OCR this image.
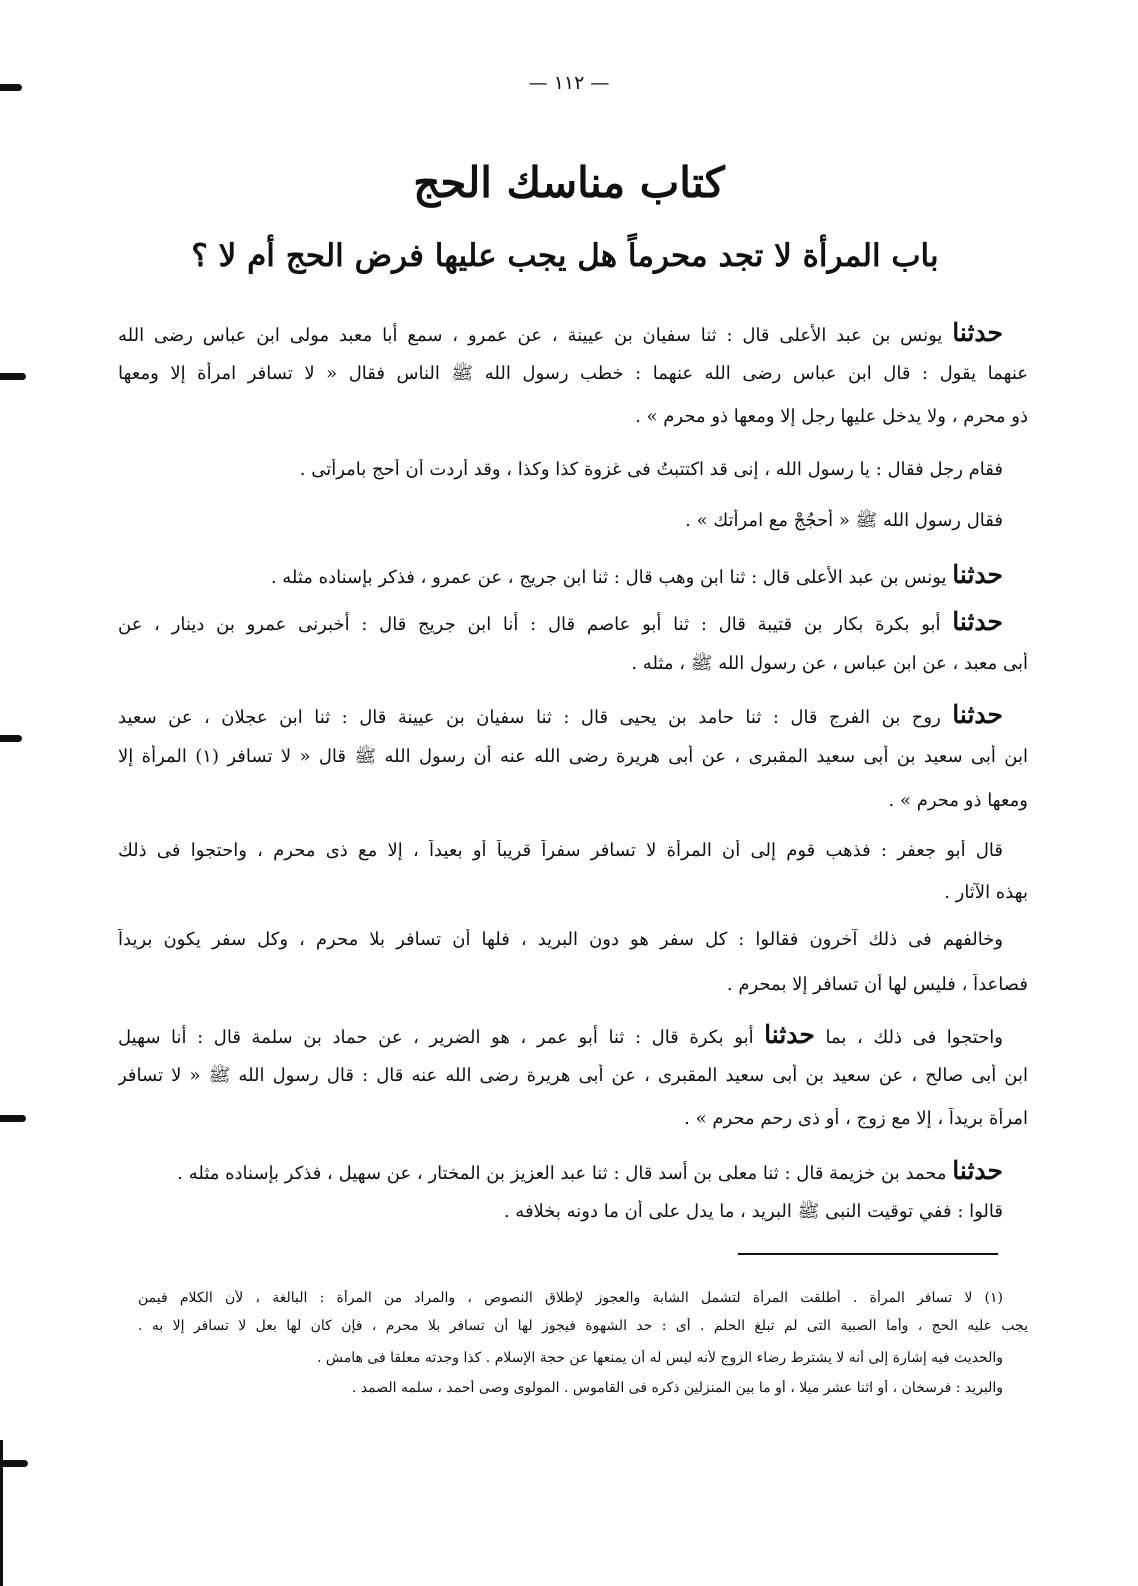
— ١١٢ —
كتاب مناسك الحج
باب المرأة لا تجد محرماً هل يجب عليها فرض الحج أم لا ؟
حدثنا يونس بن عبد الأعلى قال : ثنا سفيان بن عيينة ، عن عمرو ، سمع أبا معبد مولى ابن عباس رضى الله
عنهما يقول : قال ابن عباس رضى الله عنهما : خطب رسول الله ﷺ الناس فقال « لا تسافر امرأة إلا ومعها
ذو محرم ، ولا يدخل عليها رجل إلا ومعها ذو محرم » .
فقام رجل فقال : يا رسول الله ، إنى قد اكتتبتُ فى غزوة كذا وكذا ، وقد أردت أن أحج بامرأتى .
فقال رسول الله ﷺ « أحجُجْ مع امرأتك » .
حدثنا يونس بن عبد الأعلى قال : ثنا ابن وهب قال : ثنا ابن جريج ، عن عمرو ، فذكر بإسناده مثله .
حدثنا أبو بكرة بكار بن قتيبة قال : ثنا أبو عاصم قال : أنا ابن جريج قال : أخبرنى عمرو بن دينار ، عن
أبى معبد ، عن ابن عباس ، عن رسول الله ﷺ ، مثله .
حدثنا روح بن الفرج قال : ثنا حامد بن يحيى قال : ثنا سفيان بن عيينة قال : ثنا ابن عجلان ، عن سعيد
ابن أبى سعيد بن أبى سعيد المقبرى ، عن أبى هريرة رضى الله عنه أن رسول الله ﷺ قال « لا تسافر (١) المرأة إلا
ومعها ذو محرم » .
قال أبو جعفر : فذهب قوم إلى أن المرأة لا تسافر سفراً قريباً أو بعيداً ، إلا مع ذى محرم ، واحتجوا فى ذلك
بهذه الآثار .
وخالفهم فى ذلك آخرون فقالوا : كل سفر هو دون البريد ، فلها أن تسافر بلا محرم ، وكل سفر يكون بريداً
فصاعداً ، فليس لها أن تسافر إلا بمحرم .
واحتجوا فى ذلك ، بما حدثنا أبو بكرة قال : ثنا أبو عمر ، هو الضرير ، عن حماد بن سلمة قال : أنا سهيل
ابن أبى صالح ، عن سعيد بن أبى سعيد المقبرى ، عن أبى هريرة رضى الله عنه قال : قال رسول الله ﷺ « لا تسافر
امرأة بريداً ، إلا مع زوج ، أو ذى رحم محرم » .
حدثنا محمد بن خزيمة قال : ثنا معلى بن أسد قال : ثنا عبد العزيز بن المختار ، عن سهيل ، فذكر بإسناده مثله .
قالوا : ففي توقيت النبى ﷺ البريد ، ما يدل على أن ما دونه بخلافه .
(١) لا تسافر المرأة . أطلقت المرأة لتشمل الشابة والعجوز لإطلاق النصوص ، والمراد من المرأة : البالغة ، لأن الكلام فيمن
يجب عليه الحج ، وأما الصبية التى لم تبلغ الحلم . أى : حد الشهوة فيجوز لها أن تسافر بلا محرم ، فإن كان لها بعل لا تسافر إلا به .
والحديث فيه إشارة إلى أنه لا يشترط رضاء الزوج لأنه ليس له أن يمنعها عن حجة الإسلام . كذا وجدته معلقا فى هامش .
والبريد : فرسخان ، أو اثنا عشر ميلا ، أو ما بين المنزلين ذكره فى القاموس . المولوى وصى أحمد ، سلمه الصمد .
